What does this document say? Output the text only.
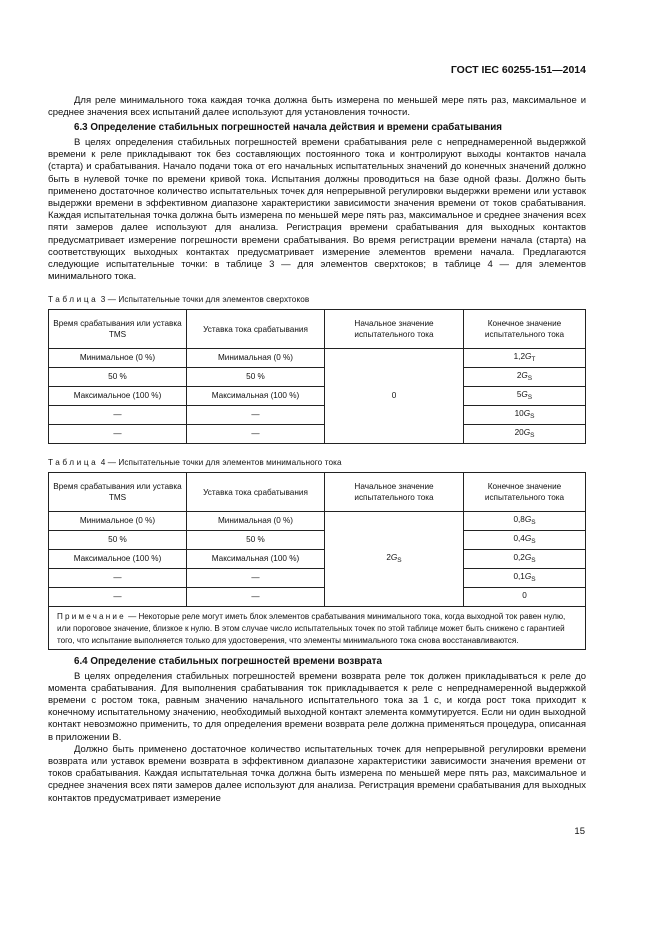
ГОСТ IEC 60255-151—2014

Для реле минимального тока каждая точка должна быть измерена по меньшей мере пять раз, максимальное и среднее значения всех испытаний далее используют для установления точности.

6.3 Определение стабильных погрешностей начала действия и времени срабатывания

В целях определения стабильных погрешностей времени срабатывания реле с непреднамеренной выдержкой времени к реле прикладывают ток без составляющих постоянного тока и контролируют выходы контактов начала (старта) и срабатывания. Начало подачи тока от его начальных испытательных значений до конечных значений должно быть в нулевой точке по времени кривой тока. Испытания должны проводиться на базе одной фазы. Должно быть применено достаточное количество испытательных точек для непрерывной регулировки выдержки времени или уставок выдержки времени в эффективном диапазоне характеристики зависимости значения времени от токов срабатывания. Каждая испытательная точка должна быть измерена по меньшей мере пять раз, максимальное и среднее значения всех пяти замеров далее используют для анализа. Регистрация времени срабатывания для выходных контактов предусматривает измерение погрешности времени срабатывания. Во время регистрации времени начала (старта) на соответствующих выходных контактах предусматривает измерение элементов времени начала. Предлагаются следующие испытательные точки: в таблице 3 — для элементов сверхтоков; в таблице 4 — для элементов минимального тока.

Таблица 3 — Испытательные точки для элементов сверхтоков
Время срабатывания или уставка TMS	Уставка тока срабатывания	Начальное значение испытательного тока	Конечное значение испытательного тока
Минимальное (0 %)	Минимальная (0 %)	0	$1,2G_T$
50 %	50 %		$2G_S$
Максимальное (100 %)	Максимальная (100 %)		$5G_S$
—	—		$10G_S$
—	—		$20G_S$
Таблица 4 — Испытательные точки для элементов минимального тока
Время срабатывания или уставка TMS	Уставка тока срабатывания	Начальное значение испытательного тока	Конечное значение испытательного тока
Минимальное (0 %)	Минимальная (0 %)	$2G_S$	$0,8G_S$
50 %	50 %		$0,4G_S$
Максимальное (100 %)	Максимальная (100 %)		$0,2G_S$
—	—		$0,1G_S$
—	—		0
Примечание — Некоторые реле могут иметь блок элементов срабатывания минимального тока, когда выходной ток равен нулю, или пороговое значение, близкое к нулю. В этом случае число испытательных точек по этой таблице может быть снижено с гарантией того, что испытание выполняется только для удостоверения, что элементы минимального тока снова восстанавливаются.			
6.4 Определение стабильных погрешностей времени возврата

В целях определения стабильных погрешностей времени возврата реле ток должен прикладываться к реле до момента срабатывания. Для выполнения срабатывания ток прикладывается к реле с непреднамеренной выдержкой времени с ростом тока, равным значению начального испытательного тока за 1 с, и когда рост тока приходит к конечному испытательному значению, необходимый выходной контакт элемента коммутируется. Если ни один выходной контакт невозможно применить, то для определения времени возврата реле должна применяться процедура, описанная в приложении В.

Должно быть применено достаточное количество испытательных точек для непрерывной регулировки времени возврата или уставок времени возврата в эффективном диапазоне характеристики зависимости значения времени от токов срабатывания. Каждая испытательная точка должна быть измерена по меньшей мере пять раз, максимальное и среднее значения всех пяти замеров далее используют для анализа. Регистрация времени срабатывания для выходных контактов предусматривает измерение

15
